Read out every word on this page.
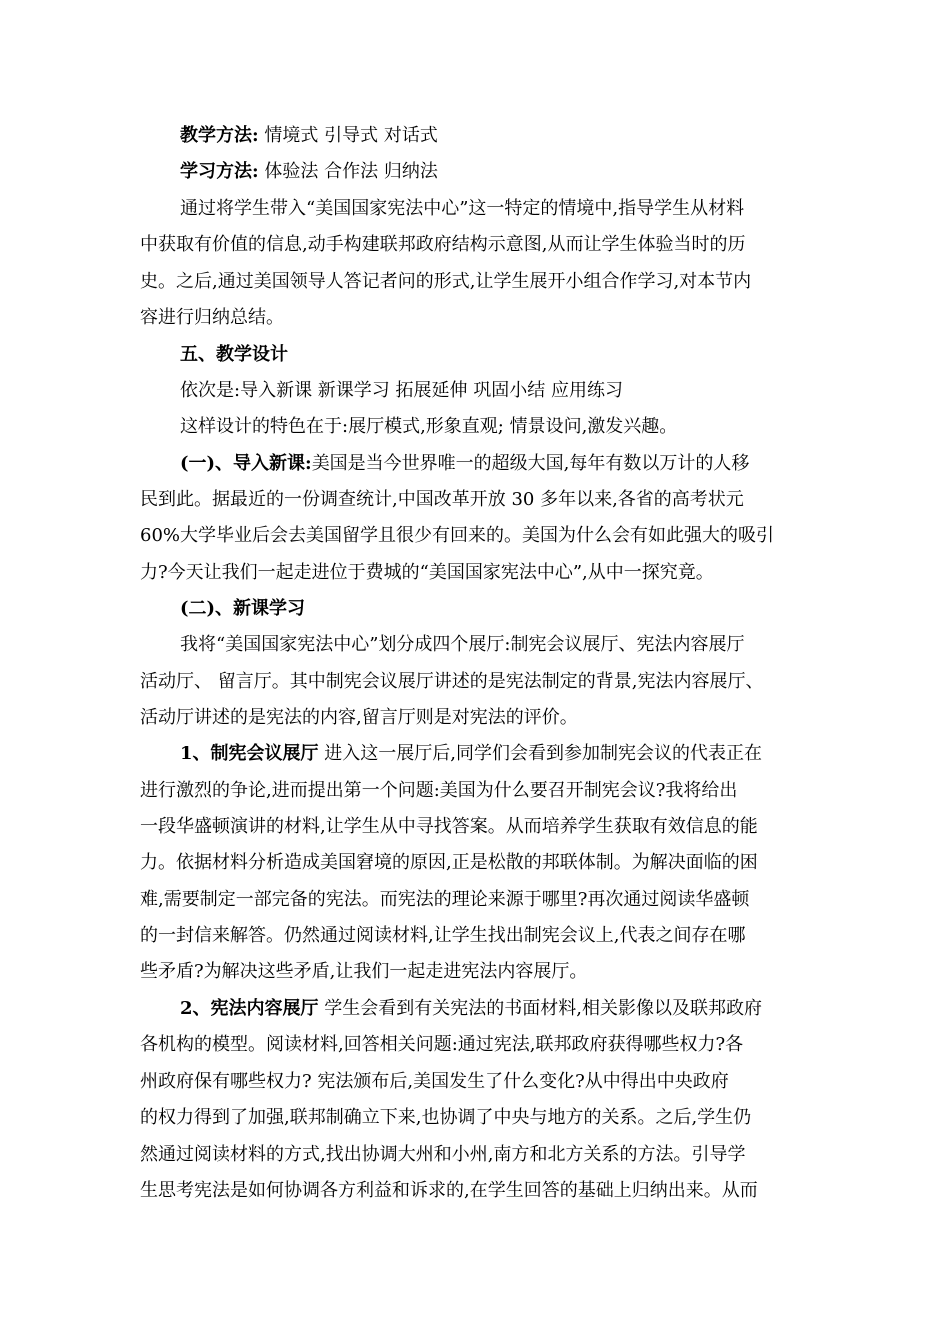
教学方法: 情境式 引导式 对话式
学习方法: 体验法 合作法 归纳法
通过将学生带入“美国国家宪法中心”这一特定的情境中,指导学生从材料
中获取有价值的信息,动手构建联邦政府结构示意图,从而让学生体验当时的历
史。之后,通过美国领导人答记者问的形式,让学生展开小组合作学习,对本节内
容进行归纳总结。
五、教学设计
依次是:导入新课 新课学习 拓展延伸 巩固小结 应用练习
这样设计的特色在于:展厅模式,形象直观; 情景设问,激发兴趣。
(一)、导入新课:美国是当今世界唯一的超级大国,每年有数以万计的人移
民到此。据最近的一份调查统计,中国改革开放 30 多年以来,各省的高考状元
60%大学毕业后会去美国留学且很少有回来的。美国为什么会有如此强大的吸引
力?今天让我们一起走进位于费城的“美国国家宪法中心”,从中一探究竟。
(二)、新课学习
我将“美国国家宪法中心”划分成四个展厅:制宪会议展厅、宪法内容展厅
活动厅、 留言厅。其中制宪会议展厅讲述的是宪法制定的背景,宪法内容展厅、
活动厅讲述的是宪法的内容,留言厅则是对宪法的评价。
1、制宪会议展厅 进入这一展厅后,同学们会看到参加制宪会议的代表正在
进行激烈的争论,进而提出第一个问题:美国为什么要召开制宪会议?我将给出
一段华盛顿演讲的材料,让学生从中寻找答案。从而培养学生获取有效信息的能
力。依据材料分析造成美国窘境的原因,正是松散的邦联体制。为解决面临的困
难,需要制定一部完备的宪法。而宪法的理论来源于哪里?再次通过阅读华盛顿
的一封信来解答。仍然通过阅读材料,让学生找出制宪会议上,代表之间存在哪
些矛盾?为解决这些矛盾,让我们一起走进宪法内容展厅。
2、宪法内容展厅 学生会看到有关宪法的书面材料,相关影像以及联邦政府
各机构的模型。阅读材料,回答相关问题:通过宪法,联邦政府获得哪些权力?各
州政府保有哪些权力? 宪法颁布后,美国发生了什么变化?从中得出中央政府
的权力得到了加强,联邦制确立下来,也协调了中央与地方的关系。之后,学生仍
然通过阅读材料的方式,找出协调大州和小州,南方和北方关系的方法。引导学
生思考宪法是如何协调各方利益和诉求的,在学生回答的基础上归纳出来。从而
